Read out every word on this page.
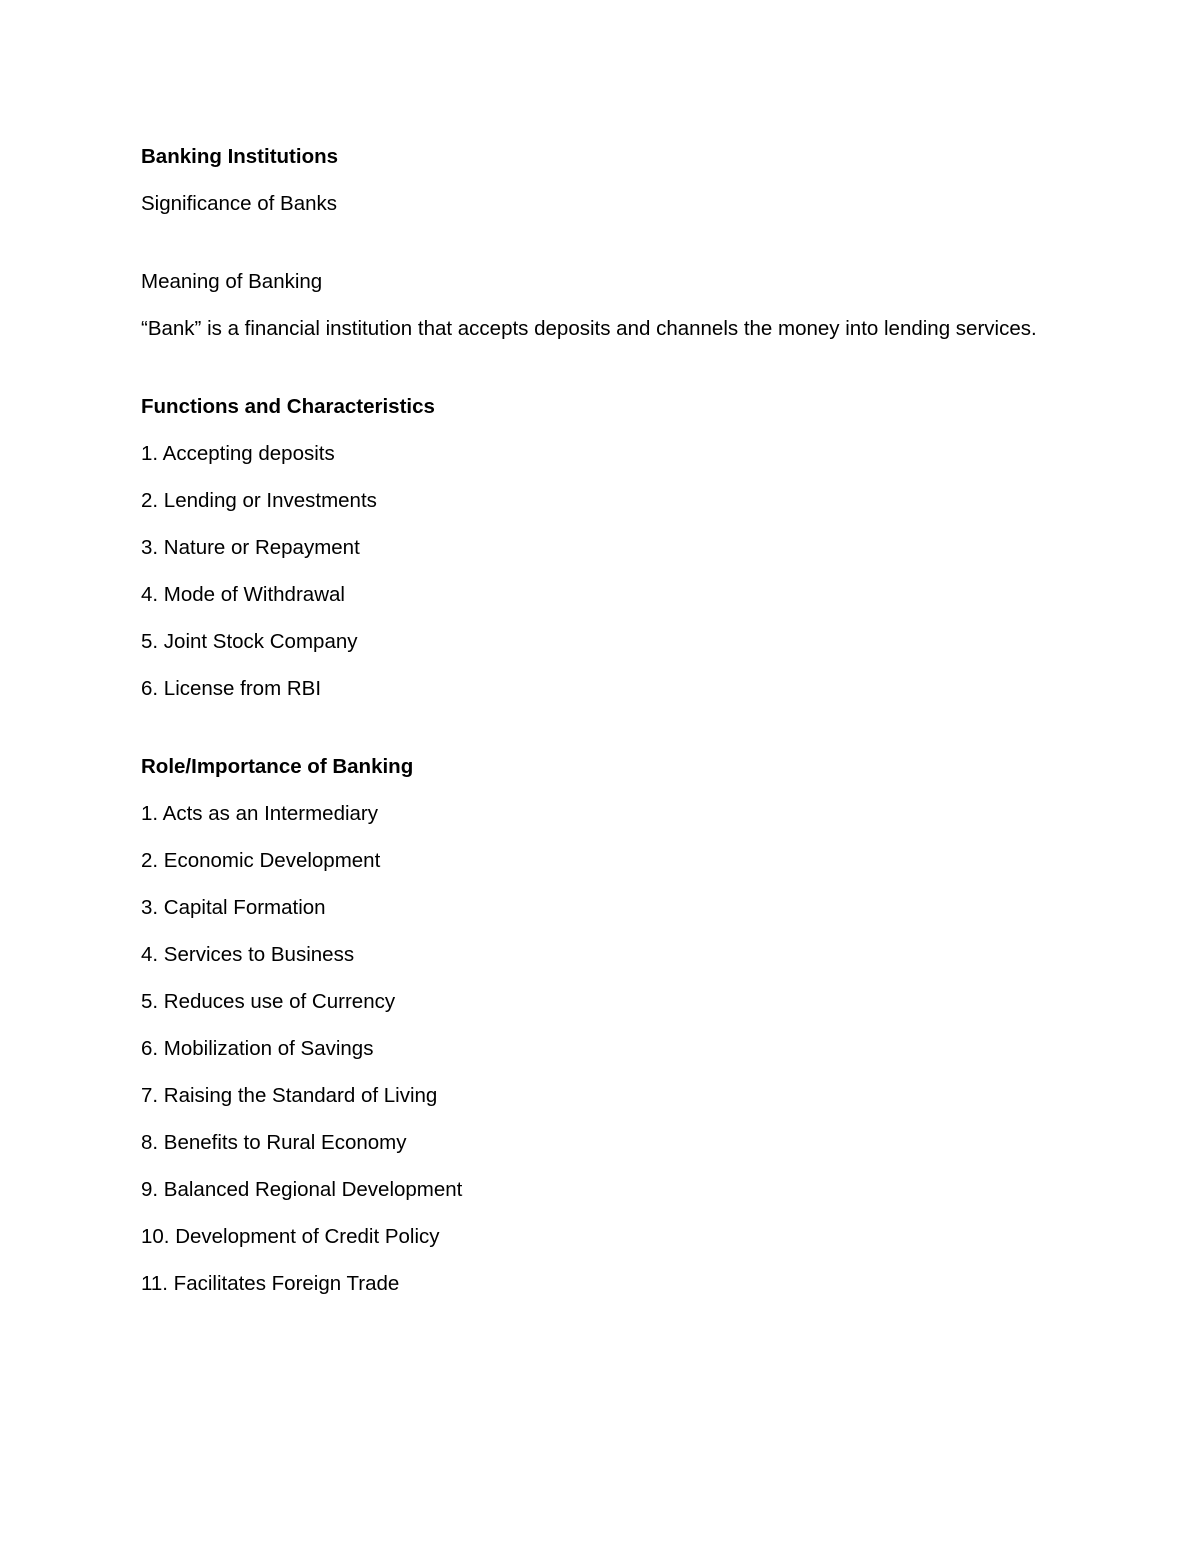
Banking Institutions
Significance of Banks
Meaning of Banking
“Bank” is a financial institution that accepts deposits and channels the money into lending services.
Functions and Characteristics
1. Accepting deposits
2. Lending or Investments
3. Nature or Repayment
4. Mode of Withdrawal
5. Joint Stock Company
6. License from RBI
Role/Importance of Banking
1. Acts as an Intermediary
2. Economic Development
3. Capital Formation
4. Services to Business
5. Reduces use of Currency
6. Mobilization of Savings
7. Raising the Standard of Living
8. Benefits to Rural Economy
9. Balanced Regional Development
10. Development of Credit Policy
11. Facilitates Foreign Trade
